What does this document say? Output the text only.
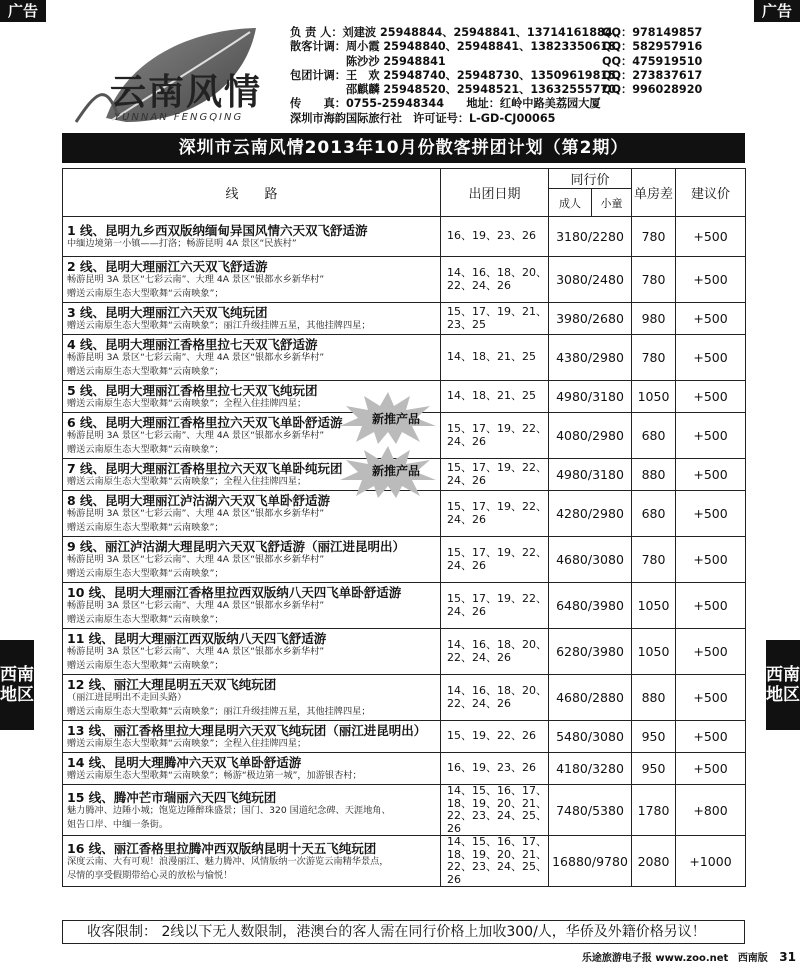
广告	广告
云南风情
YUNNAN FENGQING
负 责 人：刘建波 25948844、25948841、13714161884、
QQ：978149857
散客计调：周小霞 25948840、25948841、13823350618、
QQ：582957916
　　　　　陈沙沙 25948841	QQ：475919510
包团计调：王　欢 25948740、25948730、13509619815、
QQ：273837617
　　　　　邵麒麟 25948520、25948521、13632555770、
QQ：996028920
传　　真：0755-25948344　　地址：红岭中路美荔园大厦
深圳市海韵国际旅行社　许可证号：L-GD-CJ00065
深圳市云南风情2013年10月份散客拼团计划（第2期）
西南
地区
西南
地区
线　　路	出团日期	同行价		单房差	建议价
		成人	小童		

1 线、昆明九乡西双版纳缅甸异国风情六天双飞舒适游
中缅边境第一小镇——打洛；畅游昆明 4A 景区“民族村”	16、19、23、26	3180/2280		780	+500

2 线、昆明大理丽江六天双飞舒适游
畅游昆明 3A 景区“七彩云南”、大理 4A 景区“银都水乡新华村”
赠送云南原生态大型歌舞“云南映象”；	14、16、18、20、22、24、26	3080/2480		780	+500

3 线、昆明大理丽江六天双飞纯玩团
赠送云南原生态大型歌舞“云南映象”；丽江升级挂牌五星，其他挂牌四星；	15、17、19、21、23、25	3980/2680		980	+500

4 线、昆明大理丽江香格里拉七天双飞舒适游
畅游昆明 3A 景区“七彩云南”、大理 4A 景区“银都水乡新华村”
赠送云南原生态大型歌舞“云南映象”；	14、18、21、25	4380/2980		780	+500

5 线、昆明大理丽江香格里拉七天双飞纯玩团
赠送云南原生态大型歌舞“云南映象”；全程入住挂牌四星；	14、18、21、25	4980/3180		1050	+500

6 线、昆明大理丽江香格里拉六天双飞单卧舒适游
畅游昆明 3A 景区“七彩云南”、大理 4A 景区“银都水乡新华村”
赠送云南原生态大型歌舞“云南映象”；	15、17、19、22、24、26	4080/2980		680	+500

7 线、昆明大理丽江香格里拉六天双飞单卧纯玩团
赠送云南原生态大型歌舞“云南映象”；全程入住挂牌四星；	15、17、19、22、24、26	4980/3180		880	+500

8 线、昆明大理丽江泸沽湖六天双飞单卧舒适游
畅游昆明 3A 景区“七彩云南”、大理 4A 景区“银都水乡新华村”
赠送云南原生态大型歌舞“云南映象”；	15、17、19、22、24、26	4280/2980		680	+500

9 线、丽江泸沽湖大理昆明六天双飞舒适游（丽江进昆明出）
畅游昆明 3A 景区“七彩云南”、大理 4A 景区“银都水乡新华村”
赠送云南原生态大型歌舞“云南映象”；	15、17、19、22、24、26	4680/3080		780	+500

10 线、昆明大理丽江香格里拉西双版纳八天四飞单卧舒适游
畅游昆明 3A 景区“七彩云南”、大理 4A 景区“银都水乡新华村”
赠送云南原生态大型歌舞“云南映象”；	15、17、19、22、24、26	6480/3980		1050	+500

11 线、昆明大理丽江西双版纳八天四飞舒适游
畅游昆明 3A 景区“七彩云南”、大理 4A 景区“银都水乡新华村”
赠送云南原生态大型歌舞“云南映象”；	14、16、18、20、22、24、26	6280/3980		1050	+500

12 线、丽江大理昆明五天双飞纯玩团
（丽江进昆明出不走回头路）
赠送云南原生态大型歌舞“云南映象”；丽江升级挂牌五星，其他挂牌四星；	14、16、18、20、22、24、26	4680/2880		880	+500

13 线、丽江香格里拉大理昆明六天双飞纯玩团（丽江进昆明出）
赠送云南原生态大型歌舞“云南映象”；全程入住挂牌四星；	15、19、22、26	5480/3080		950	+500

14 线、昆明大理腾冲六天双飞单卧舒适游
赠送云南原生态大型歌舞“云南映象”；畅游“极边第一城”，加游银杏村；	16、19、23、26	4180/3280		950	+500

15 线、腾冲芒市瑞丽六天四飞纯玩团
魅力腾冲、边陲小城；饱览边陲醉珠盛景；国门、320 国道纪念碑、天涯地角、
姐告口岸、中缅一条街。	14、15、16、17、18、19、20、21、22、23、24、25、26	7480/5380		1780	+800

16 线、丽江香格里拉腾冲西双版纳昆明十天五飞纯玩团
深度云南、大有可观！浪漫丽江、魅力腾冲、风情版纳一次游览云南精华景点，
尽情的享受假期带给心灵的放松与愉悦！	14、15、16、17、18、19、20、21、22、23、24、25、26	16880/9780		2080	+1000
新推产品
新推产品
收客限制： 2线以下无人数限制，港澳台的客人需在同行价格上加收300/人，华侨及外籍价格另议！
乐途旅游电子报 www.zoo.net 西南版 31
